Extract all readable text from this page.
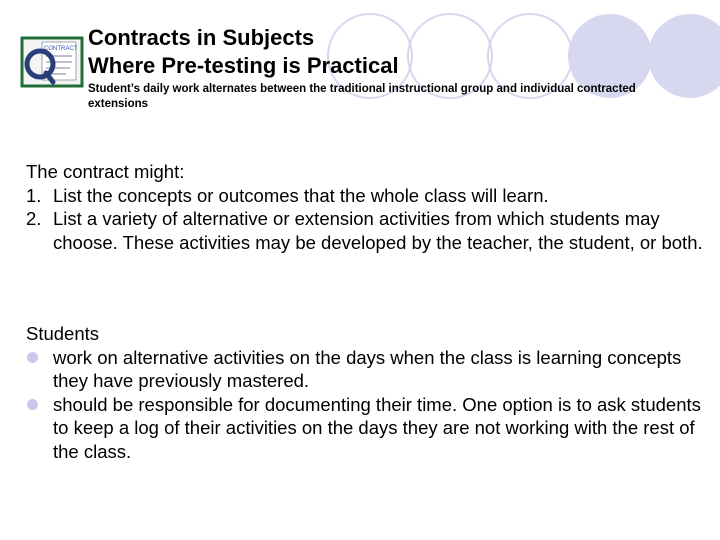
CONTRACT Contracts in Subjects
Where Pre-testing is Practical
Student’s daily work alternates between the traditional instructional group and individual contracted extensions

The contract might:

1. List the concepts or outcomes that the whole class will learn.
2. List a variety of alternative or extension activities from which students may choose. These activities may be developed by the teacher, the student, or both.

Students

work on alternative activities on the days when the class is learning concepts they have previously mastered.
should be responsible for documenting their time. One option is to ask students to keep a log of their activities on the days they are not working with the rest of the class.
